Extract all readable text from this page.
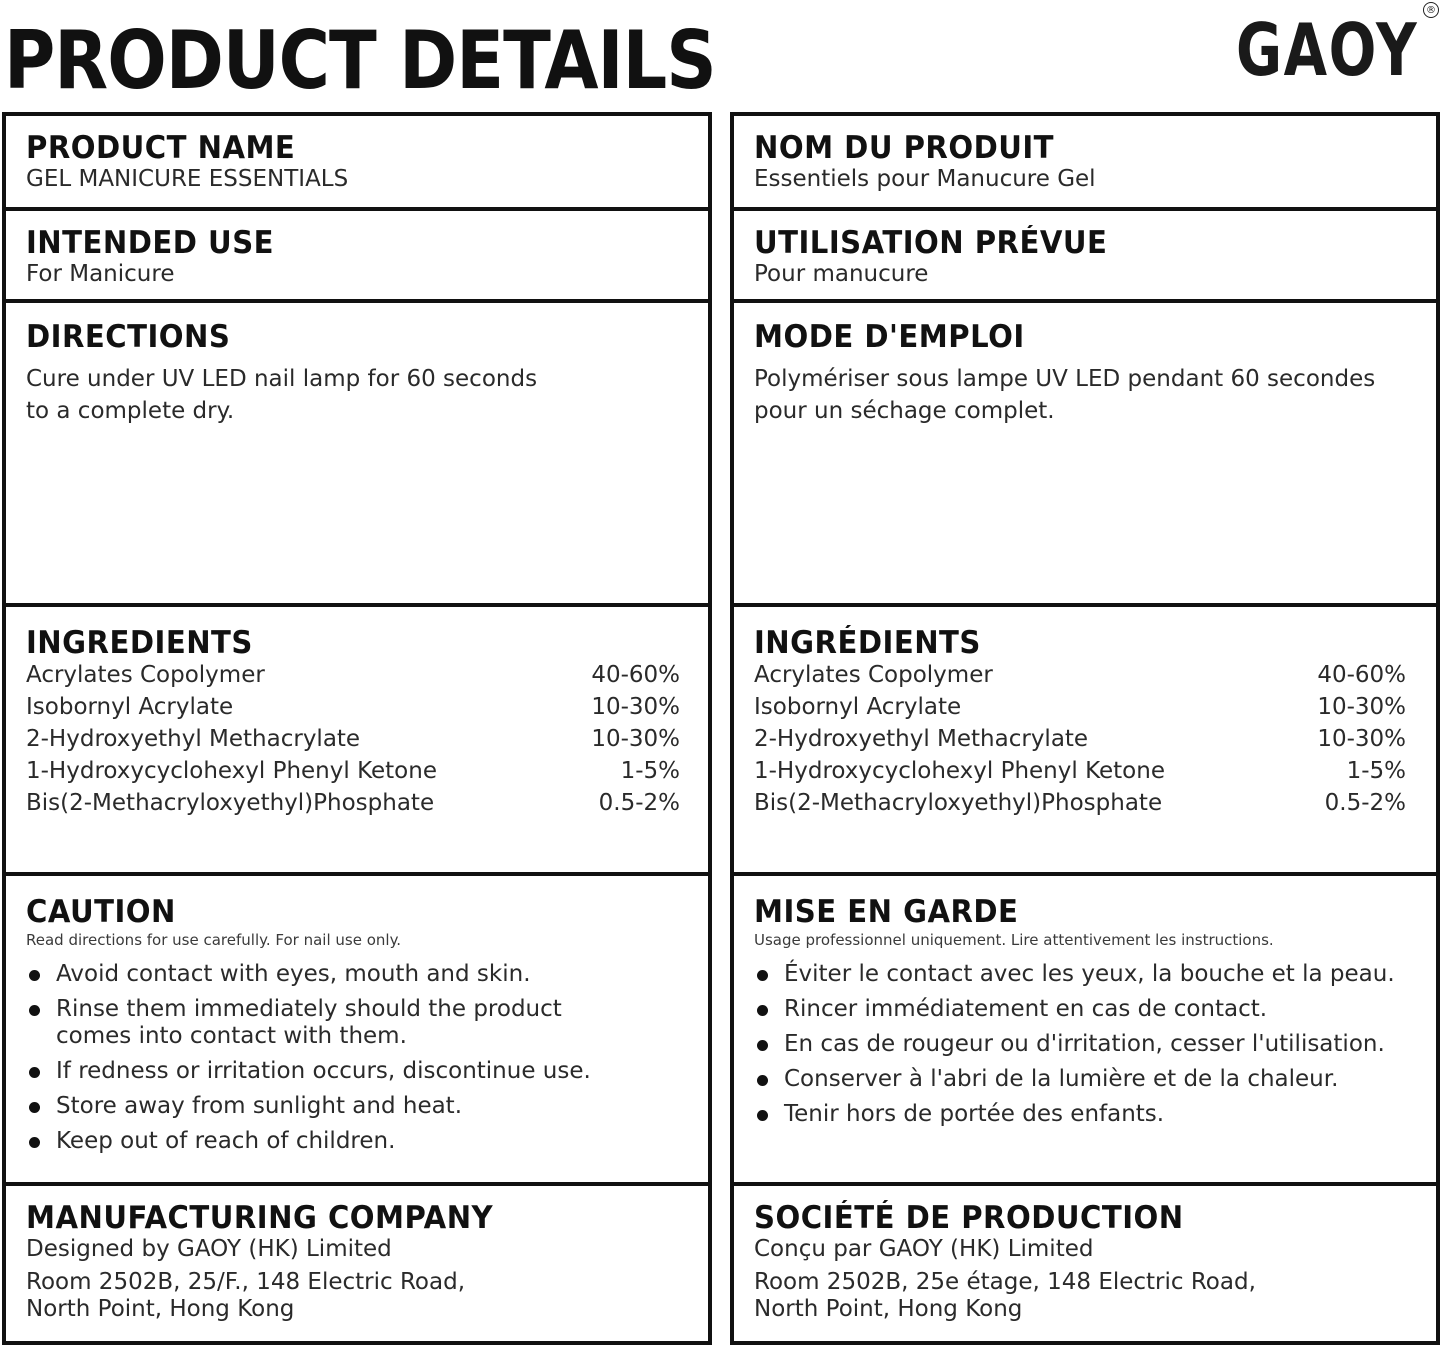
PRODUCT DETAILS	GAOY ®
PRODUCT NAME
GEL MANICURE ESSENTIALS
INTENDED USE
For Manicure
DIRECTIONS
Cure under UV LED nail lamp for 60 seconds
to a complete dry.
INGREDIENTS
Acrylates Copolymer	40-60%
Isobornyl Acrylate	10-30%
2-Hydroxyethyl Methacrylate	10-30%
1-Hydroxycyclohexyl Phenyl Ketone	1-5%
Bis(2-Methacryloxyethyl)Phosphate	0.5-2%
CAUTION
Read directions for use carefully. For nail use only.
Avoid contact with eyes, mouth and skin.
Rinse them immediately should the product
comes into contact with them.
If redness or irritation occurs, discontinue use.
Store away from sunlight and heat.
Keep out of reach of children.
MANUFACTURING COMPANY
Designed by GAOY (HK) Limited
Room 2502B, 25/F., 148 Electric Road,
North Point, Hong Kong
NOM DU PRODUIT
Essentiels pour Manucure Gel
UTILISATION PRÉVUE
Pour manucure
MODE D'EMPLOI
Polymériser sous lampe UV LED pendant 60 secondes
pour un séchage complet.
INGRÉDIENTS
Acrylates Copolymer	40-60%
Isobornyl Acrylate	10-30%
2-Hydroxyethyl Methacrylate	10-30%
1-Hydroxycyclohexyl Phenyl Ketone	1-5%
Bis(2-Methacryloxyethyl)Phosphate	0.5-2%
MISE EN GARDE
Usage professionnel uniquement. Lire attentivement les instructions.
Éviter le contact avec les yeux, la bouche et la peau.
Rincer immédiatement en cas de contact.
En cas de rougeur ou d'irritation, cesser l'utilisation.
Conserver à l'abri de la lumière et de la chaleur.
Tenir hors de portée des enfants.
SOCIÉTÉ DE PRODUCTION
Conçu par GAOY (HK) Limited
Room 2502B, 25e étage, 148 Electric Road,
North Point, Hong Kong
